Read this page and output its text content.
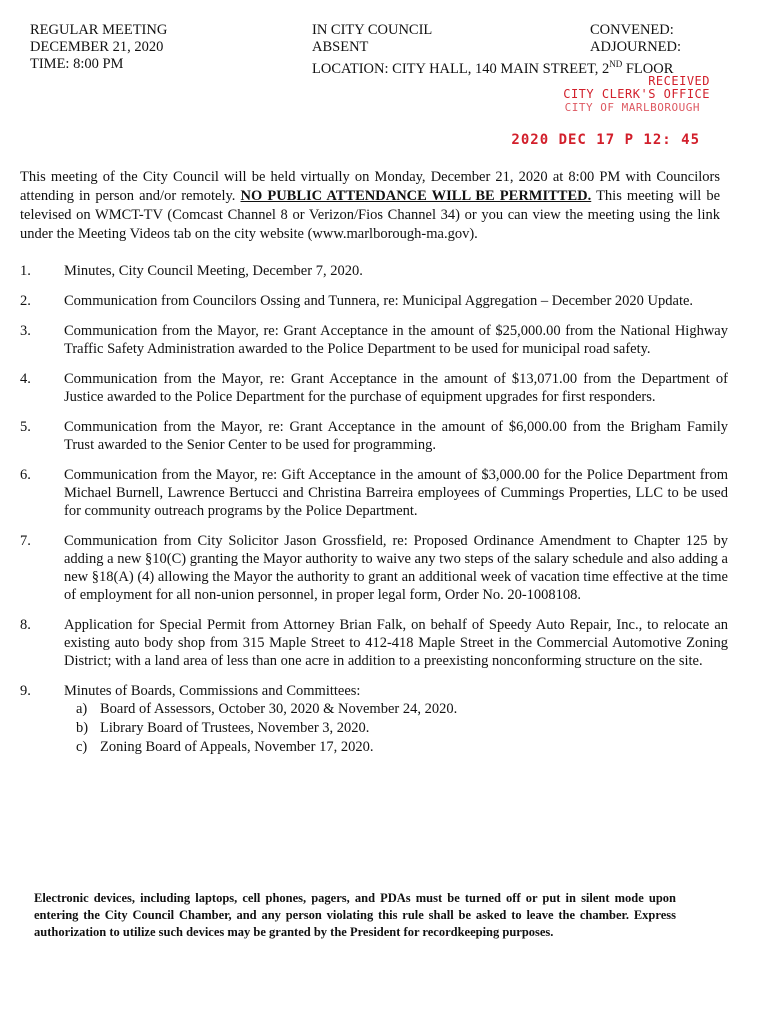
REGULAR MEETING
DECEMBER 21, 2020
TIME: 8:00 PM
IN CITY COUNCIL
ABSENT
LOCATION: CITY HALL, 140 MAIN STREET, 2ND FLOOR
CONVENED:
ADJOURNED:
RECEIVED
CITY CLERK'S OFFICE
CITY OF MARLBOROUGH
2020 DEC 17 P 12: 45
This meeting of the City Council will be held virtually on Monday, December 21, 2020 at 8:00 PM with Councilors attending in person and/or remotely. NO PUBLIC ATTENDANCE WILL BE PERMITTED. This meeting will be televised on WMCT-TV (Comcast Channel 8 or Verizon/Fios Channel 34) or you can view the meeting using the link under the Meeting Videos tab on the city website (www.marlborough-ma.gov).
1.	Minutes, City Council Meeting, December 7, 2020.
2.	Communication from Councilors Ossing and Tunnera, re: Municipal Aggregation – December 2020 Update.
3.	Communication from the Mayor, re: Grant Acceptance in the amount of $25,000.00 from the National Highway Traffic Safety Administration awarded to the Police Department to be used for municipal road safety.
4.	Communication from the Mayor, re: Grant Acceptance in the amount of $13,071.00 from the Department of Justice awarded to the Police Department for the purchase of equipment upgrades for first responders.
5.	Communication from the Mayor, re: Grant Acceptance in the amount of $6,000.00 from the Brigham Family Trust awarded to the Senior Center to be used for programming.
6.	Communication from the Mayor, re: Gift Acceptance in the amount of $3,000.00 for the Police Department from Michael Burnell, Lawrence Bertucci and Christina Barreira employees of Cummings Properties, LLC to be used for community outreach programs by the Police Department.
7.	Communication from City Solicitor Jason Grossfield, re: Proposed Ordinance Amendment to Chapter 125 by adding a new §10(C) granting the Mayor authority to waive any two steps of the salary schedule and also adding a new §18(A) (4) allowing the Mayor the authority to grant an additional week of vacation time effective at the time of employment for all non-union personnel, in proper legal form, Order No. 20-1008108.
8.	Application for Special Permit from Attorney Brian Falk, on behalf of Speedy Auto Repair, Inc., to relocate an existing auto body shop from 315 Maple Street to 412-418 Maple Street in the Commercial Automotive Zoning District; with a land area of less than one acre in addition to a preexisting nonconforming structure on the site.
9.	Minutes of Boards, Commissions and Committees:
a) Board of Assessors, October 30, 2020 & November 24, 2020.
b) Library Board of Trustees, November 3, 2020.
c) Zoning Board of Appeals, November 17, 2020.
Electronic devices, including laptops, cell phones, pagers, and PDAs must be turned off or put in silent mode upon entering the City Council Chamber, and any person violating this rule shall be asked to leave the chamber. Express authorization to utilize such devices may be granted by the President for recordkeeping purposes.
